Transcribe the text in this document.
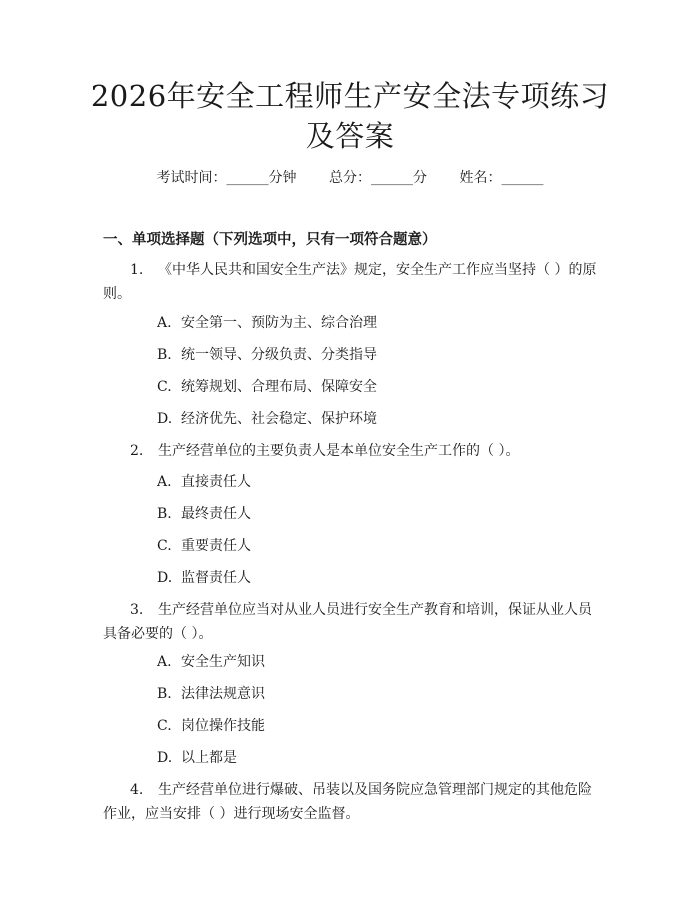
2026年安全工程师生产安全法专项练习及答案
考试时间：______分钟 总分：______分 姓名：______
一、单项选择题（下列选项中，只有一项符合题意）
1. 《中华人民共和国安全生产法》规定，安全生产工作应当坚持（ ）的原则。
A. 安全第一、预防为主、综合治理
B. 统一领导、分级负责、分类指导
C. 统筹规划、合理布局、保障安全
D. 经济优先、社会稳定、保护环境
2. 生产经营单位的主要负责人是本单位安全生产工作的（ ）。
A. 直接责任人
B. 最终责任人
C. 重要责任人
D. 监督责任人
3. 生产经营单位应当对从业人员进行安全生产教育和培训，保证从业人员具备必要的（ ）。
A. 安全生产知识
B. 法律法规意识
C. 岗位操作技能
D. 以上都是
4. 生产经营单位进行爆破、吊装以及国务院应急管理部门规定的其他危险作业，应当安排（ ）进行现场安全监督。
